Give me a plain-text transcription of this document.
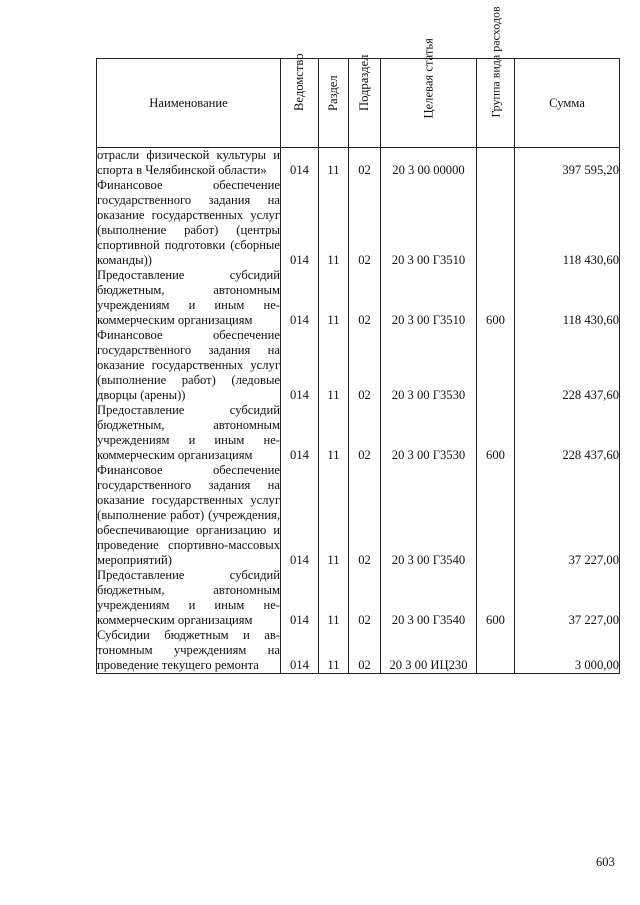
Наименование	Ведомство	Раздел	Подраздел	Целевая статья	Группа вида расходов	Сумма
отрасли физической культуры и спорта в Челябинской области»	014	11	02	20 3 00 00000		397 595,20
Финансовое обеспечение государственного задания на оказание государственных услуг (выполнение работ) (центры спортивной подготовки (сборные команды))	014	11	02	20 3 00 Г3510		118 430,60
Предоставление субсидий бюджетным, автономным учреждениям и иным некоммерческим организациям	014	11	02	20 3 00 Г3510	600	118 430,60
Финансовое обеспечение государственного задания на оказание государственных услуг (выполнение работ) (ледовые дворцы (арены))	014	11	02	20 3 00 Г3530		228 437,60
Предоставление субсидий бюджетным, автономным учреждениям и иным некоммерческим организациям	014	11	02	20 3 00 Г3530	600	228 437,60
Финансовое обеспечение государственного задания на оказание государственных услуг (выполнение работ) (учреждения, обеспечивающие организацию и проведение спортивно-массовых мероприятий)	014	11	02	20 3 00 Г3540		37 227,00
Предоставление субсидий бюджетным, автономным учреждениям и иным некоммерческим организациям	014	11	02	20 3 00 Г3540	600	37 227,00
Субсидии бюджетным и автономным учреждениям на проведение текущего ремонта	014	11	02	20 3 00 ИЦ230		3 000,00
603
